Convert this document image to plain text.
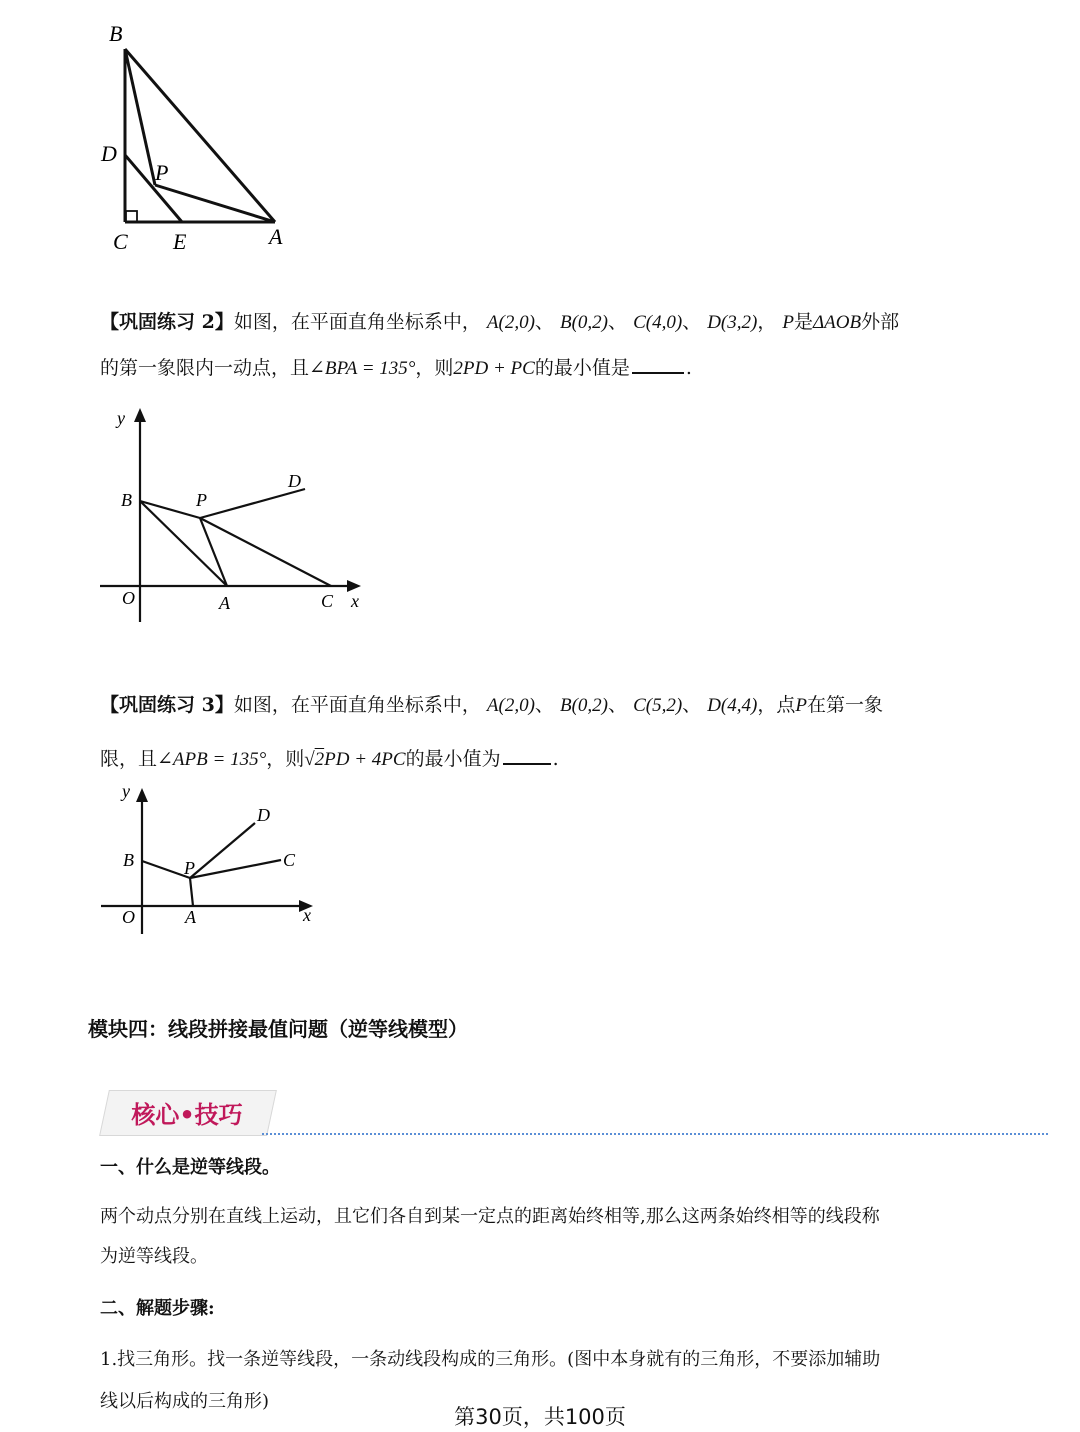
B
D
P
C E	A
【巩固练习 2】如图，在平面直角坐标系中， A(2,0)、 B(0,2)、 C(4,0)、 D(3,2)， P是ΔAOB外部
的第一象限内一动点，且∠BPA = 135°，则2PD + PC的最小值是	.
y
B	P
D
O	A	C x
【巩固练习 3】如图，在平面直角坐标系中， A(2,0)、 B(0,2)、 C(5,2)、 D(4,4)，点P在第一象
限，且∠APB = 135°，则√2PD + 4PC的最小值为	.
y
D
B	P	C
O	A	x
模块四：线段拼接最值问题（逆等线模型）
核心•技巧
一、什么是逆等线段。
两个动点分别在直线上运动，且它们各自到某一定点的距离始终相等,那么这两条始终相等的线段称
为逆等线段。
二、解题步骤:
1.找三角形。找一条逆等线段，一条动线段构成的三角形。(图中本身就有的三角形，不要添加辅助
线以后构成的三角形)
第30页，共100页
